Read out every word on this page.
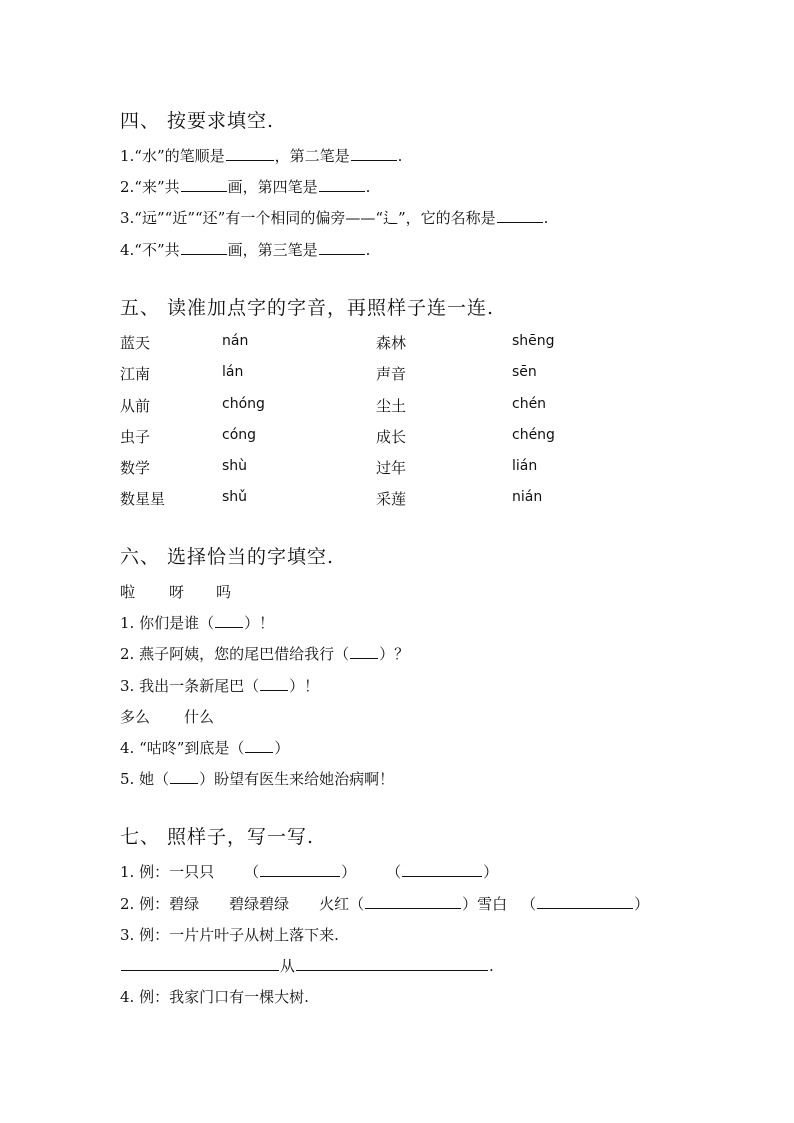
四、 按要求填空.
1.“水”的笔顺是	，第二笔是	.
2.“来”共	画，第四笔是	.
3.“远”“近”“还”有一个相同的偏旁——“⻍”，它的名称是	.
4.“不”共	画，第三笔是	.
五、 读准加点字的字音，再照样子连一连.
蓝天	nán	森林	shēng
江南	lán	声音	sēn
从前	chóng	尘土	chén
虫子	cóng	成长	chéng
数学	shù	过年	lián
数星星	shǔ	采莲	nián
六、 选择恰当的字填空.
啦 呀 吗
1. 你们是谁（ ）！
2. 燕子阿姨，您的尾巴借给我行（ ）？
3. 我出一条新尾巴（ ）！
多么 什么
4. “咕咚”到底是（ ）
5. 她（ ）盼望有医生来给她治病啊！
七、 照样子，写一写.
1. 例：一只只 （	） （	）
2. 例：碧绿 碧绿碧绿 火红（	）雪白 （	）
3. 例：一片片叶子从树上落下来.
从	.
4. 例：我家门口有一棵大树.
